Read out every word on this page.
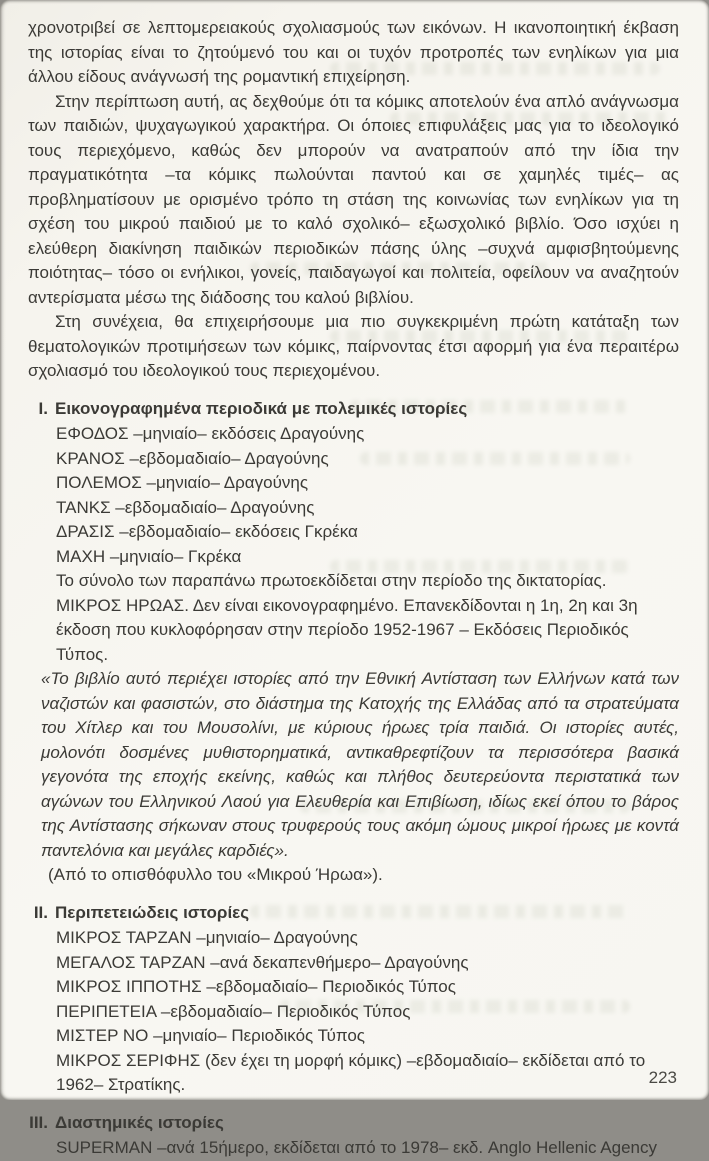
χρονοτριβεί σε λεπτομερειακούς σχολιασμούς των εικόνων. Η ικανοποιητική έκβαση της ιστορίας είναι το ζητούμενό του και οι τυχόν προτροπές των ενηλίκων για μια άλλου είδους ανάγνωσή της ρομαντική επιχείρηση.

Στην περίπτωση αυτή, ας δεχθούμε ότι τα κόμικς αποτελούν ένα απλό ανάγνωσμα των παιδιών, ψυχαγωγικού χαρακτήρα. Οι όποιες επιφυλάξεις μας για το ιδεολογικό τους περιεχόμενο, καθώς δεν μπορούν να ανατραπούν από την ίδια την πραγματικότητα –τα κόμικς πωλούνται παντού και σε χαμηλές τιμές– ας προβληματίσουν με ορισμένο τρόπο τη στάση της κοινωνίας των ενηλίκων για τη σχέση του μικρού παιδιού με το καλό σχολικό– εξωσχολικό βιβλίο. Όσο ισχύει η ελεύθερη διακίνηση παιδικών περιοδικών πάσης ύλης –συχνά αμφισβητούμενης ποιότητας– τόσο οι ενήλικοι, γονείς, παιδαγωγοί και πολιτεία, οφείλουν να αναζητούν αντερίσματα μέσω της διάδοσης του καλού βιβλίου.

Στη συνέχεια, θα επιχειρήσουμε μια πιο συγκεκριμένη πρώτη κατάταξη των θεματολογικών προτιμήσεων των κόμικς, παίρνοντας έτσι αφορμή για ένα περαιτέρω σχολιασμό του ιδεολογικού τους περιεχομένου.

I. Εικονογραφημένα περιοδικά με πολεμικές ιστορίες
ΕΦΟΔΟΣ –μηνιαίο– εκδόσεις Δραγούνης
ΚΡΑΝΟΣ –εβδομαδιαίο– Δραγούνης
ΠΟΛΕΜΟΣ –μηνιαίο– Δραγούνης
ΤΑΝΚΣ –εβδομαδιαίο– Δραγούνης
ΔΡΑΣΙΣ –εβδομαδιαίο– εκδόσεις Γκρέκα
ΜΑΧΗ –μηνιαίο– Γκρέκα
Το σύνολο των παραπάνω πρωτοεκδίδεται στην περίοδο της δικτατορίας.
ΜΙΚΡΟΣ ΗΡΩΑΣ. Δεν είναι εικονογραφημένο. Επανεκδίδονται η 1η, 2η και 3η έκδοση που κυκλοφόρησαν στην περίοδο 1952-1967 – Εκδόσεις Περιοδικός Τύπος.

«Το βιβλίο αυτό περιέχει ιστορίες από την Εθνική Αντίσταση των Ελλήνων κατά των ναζιστών και φασιστών, στο διάστημα της Κατοχής της Ελλάδας από τα στρατεύματα του Χίτλερ και του Μουσολίνι, με κύριους ήρωες τρία παιδιά. Οι ιστορίες αυτές, μολονότι δοσμένες μυθιστορηματικά, αντικαθρεφτίζουν τα περισσότερα βασικά γεγονότα της εποχής εκείνης, καθώς και πλήθος δευτερεύοντα περιστατικά των αγώνων του Ελληνικού Λαού για Ελευθερία και Επιβίωση, ιδίως εκεί όπου το βάρος της Αντίστασης σήκωναν στους τρυφερούς τους ακόμη ώμους μικροί ήρωες με κοντά παντελόνια και μεγάλες καρδιές».

(Από το οπισθόφυλλο του «Μικρού Ήρωα»).
II. Περιπετειώδεις ιστορίες
ΜΙΚΡΟΣ ΤΑΡΖΑΝ –μηνιαίο– Δραγούνης
ΜΕΓΑΛΟΣ ΤΑΡΖΑΝ –ανά δεκαπενθήμερο– Δραγούνης
ΜΙΚΡΟΣ ΙΠΠΟΤΗΣ –εβδομαδιαίο– Περιοδικός Τύπος
ΠΕΡΙΠΕΤΕΙΑ –εβδομαδιαίο– Περιοδικός Τύπος
ΜΙΣΤΕΡ ΝΟ –μηνιαίο– Περιοδικός Τύπος
ΜΙΚΡΟΣ ΣΕΡΙΦΗΣ (δεν έχει τη μορφή κόμικς) –εβδομαδιαίο– εκδίδεται από το 1962– Στρατίκης.
III. Διαστημικές ιστορίες
SUPERMAN –ανά 15ήμερο, εκδίδεται από το 1978– εκδ. Anglo Hellenic Agency
223
